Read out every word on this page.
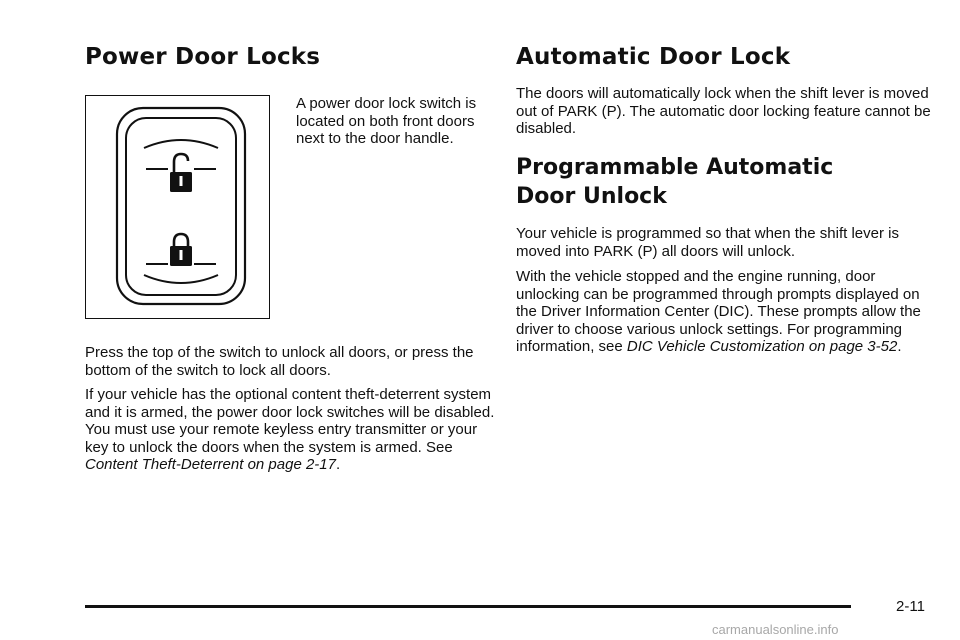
Power Door Locks

A power door lock switch is located on both front doors next to the door handle.

Press the top of the switch to unlock all doors, or press the bottom of the switch to lock all doors.

If your vehicle has the optional content theft-deterrent system and it is armed, the power door lock switches will be disabled. You must use your remote keyless entry transmitter or your key to unlock the doors when the system is armed. See Content Theft-Deterrent on page 2-17.

Automatic Door Lock

The doors will automatically lock when the shift lever is moved out of PARK (P). The automatic door locking feature cannot be disabled.

Programmable Automatic
Door Unlock

Your vehicle is programmed so that when the shift lever is moved into PARK (P) all doors will unlock.

With the vehicle stopped and the engine running, door unlocking can be programmed through prompts displayed on the Driver Information Center (DIC). These prompts allow the driver to choose various unlock settings. For programming information, see DIC Vehicle Customization on page 3-52.

2-11
carmanualsonline.info
